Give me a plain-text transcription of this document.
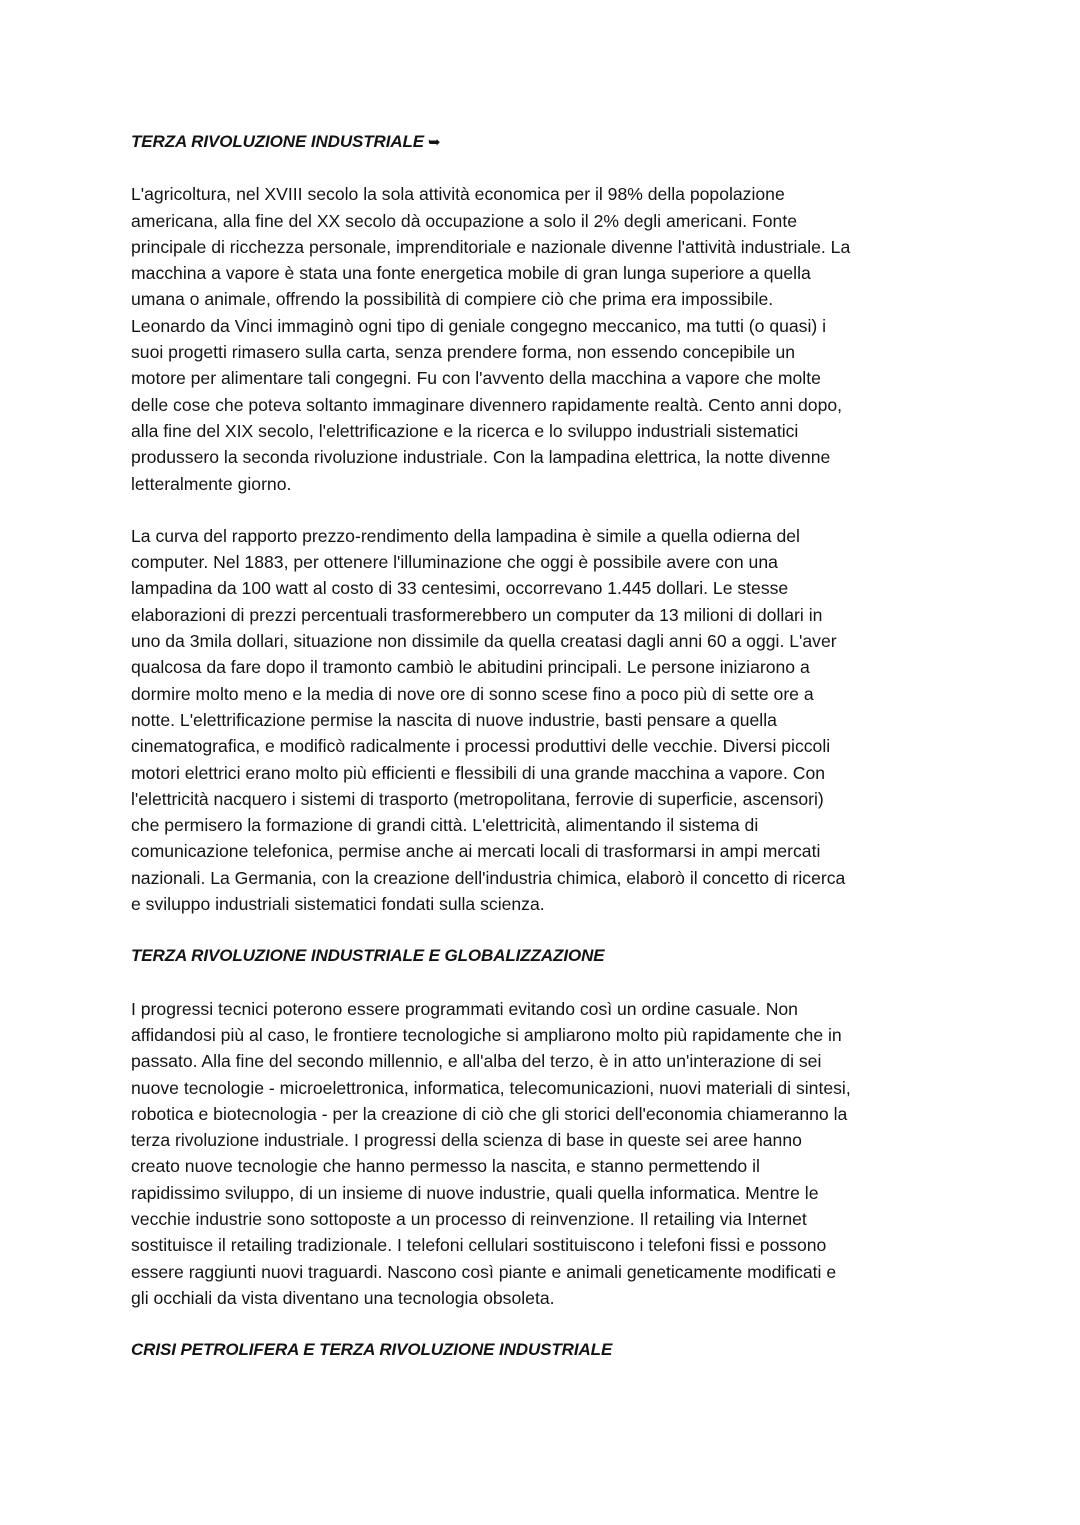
TERZA RIVOLUZIONE INDUSTRIALE ➥

L'agricoltura, nel XVIII secolo la sola attività economica per il 98% della popolazione
americana, alla fine del XX secolo dà occupazione a solo il 2% degli americani. Fonte
principale di ricchezza personale, imprenditoriale e nazionale divenne l'attività industriale. La
macchina a vapore è stata una fonte energetica mobile di gran lunga superiore a quella
umana o animale, offrendo la possibilità di compiere ciò che prima era impossibile.
Leonardo da Vinci immaginò ogni tipo di geniale congegno meccanico, ma tutti (o quasi) i
suoi progetti rimasero sulla carta, senza prendere forma, non essendo concepibile un
motore per alimentare tali congegni. Fu con l'avvento della macchina a vapore che molte
delle cose che poteva soltanto immaginare divennero rapidamente realtà. Cento anni dopo,
alla fine del XIX secolo, l'elettrificazione e la ricerca e lo sviluppo industriali sistematici
produssero la seconda rivoluzione industriale. Con la lampadina elettrica, la notte divenne
letteralmente giorno.

La curva del rapporto prezzo-rendimento della lampadina è simile a quella odierna del
computer. Nel 1883, per ottenere l'illuminazione che oggi è possibile avere con una
lampadina da 100 watt al costo di 33 centesimi, occorrevano 1.445 dollari. Le stesse
elaborazioni di prezzi percentuali trasformerebbero un computer da 13 milioni di dollari in
uno da 3mila dollari, situazione non dissimile da quella creatasi dagli anni 60 a oggi. L'aver
qualcosa da fare dopo il tramonto cambiò le abitudini principali. Le persone iniziarono a
dormire molto meno e la media di nove ore di sonno scese fino a poco più di sette ore a
notte. L'elettrificazione permise la nascita di nuove industrie, basti pensare a quella
cinematografica, e modificò radicalmente i processi produttivi delle vecchie. Diversi piccoli
motori elettrici erano molto più efficienti e flessibili di una grande macchina a vapore. Con
l'elettricità nacquero i sistemi di trasporto (metropolitana, ferrovie di superficie, ascensori)
che permisero la formazione di grandi città. L'elettricità, alimentando il sistema di
comunicazione telefonica, permise anche ai mercati locali di trasformarsi in ampi mercati
nazionali. La Germania, con la creazione dell'industria chimica, elaborò il concetto di ricerca
e sviluppo industriali sistematici fondati sulla scienza.

TERZA RIVOLUZIONE INDUSTRIALE E GLOBALIZZAZIONE

I progressi tecnici poterono essere programmati evitando così un ordine casuale. Non
affidandosi più al caso, le frontiere tecnologiche si ampliarono molto più rapidamente che in
passato. Alla fine del secondo millennio, e all'alba del terzo, è in atto un'interazione di sei
nuove tecnologie - microelettronica, informatica, telecomunicazioni, nuovi materiali di sintesi,
robotica e biotecnologia - per la creazione di ciò che gli storici dell'economia chiameranno la
terza rivoluzione industriale. I progressi della scienza di base in queste sei aree hanno
creato nuove tecnologie che hanno permesso la nascita, e stanno permettendo il
rapidissimo sviluppo, di un insieme di nuove industrie, quali quella informatica. Mentre le
vecchie industrie sono sottoposte a un processo di reinvenzione. Il retailing via Internet
sostituisce il retailing tradizionale. I telefoni cellulari sostituiscono i telefoni fissi e possono
essere raggiunti nuovi traguardi. Nascono così piante e animali geneticamente modificati e
gli occhiali da vista diventano una tecnologia obsoleta.

CRISI PETROLIFERA E TERZA RIVOLUZIONE INDUSTRIALE
